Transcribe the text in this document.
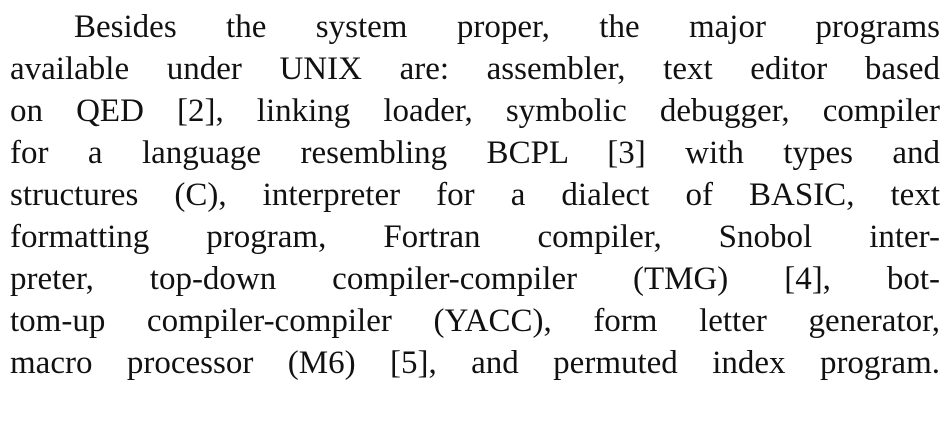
Besides the system proper, the major programs
available under UNIX are: assembler, text editor based
on QED [2], linking loader, symbolic debugger, compiler
for a language resembling BCPL [3] with types and
structures (C), interpreter for a dialect of BASIC, text
formatting program, Fortran compiler, Snobol inter-
preter, top-down compiler-compiler (TMG) [4], bot-
tom-up compiler-compiler (YACC), form letter generator,
macro processor (M6) [5], and permuted index program.
